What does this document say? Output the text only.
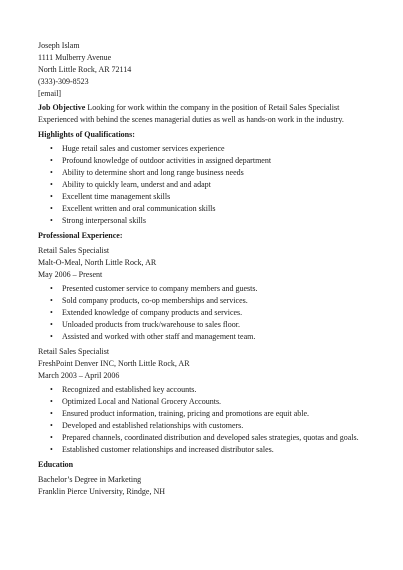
Joseph Islam
1111 Mulberry Avenue
North Little Rock, AR 72114
(333)-309-8523
[email]
Job Objective Looking for work within the company in the position of Retail Sales Specialist
Experienced with behind the scenes managerial duties as well as hands-on work in the industry.
Highlights of Qualifications:
• Huge retail sales and customer services experience
• Profound knowledge of outdoor activities in assigned department
• Ability to determine short and long range business needs
• Ability to quickly learn, underst and and adapt
• Excellent time management skills
• Excellent written and oral communication skills
• Strong interpersonal skills
Professional Experience:
Retail Sales Specialist
Malt-O-Meal, North Little Rock, AR
May 2006 – Present
• Presented customer service to company members and guests.
• Sold company products, co-op memberships and services.
• Extended knowledge of company products and services.
• Unloaded products from truck/warehouse to sales floor.
• Assisted and worked with other staff and management team.
Retail Sales Specialist
FreshPoint Denver INC, North Little Rock, AR
March 2003 – April 2006
• Recognized and established key accounts.
• Optimized Local and National Grocery Accounts.
• Ensured product information, training, pricing and promotions are equit able.
• Developed and established relationships with customers.
• Prepared channels, coordinated distribution and developed sales strategies, quotas and goals.
• Established customer relationships and increased distributor sales.
Education
Bachelor’s Degree in Marketing
Franklin Pierce University, Rindge, NH
